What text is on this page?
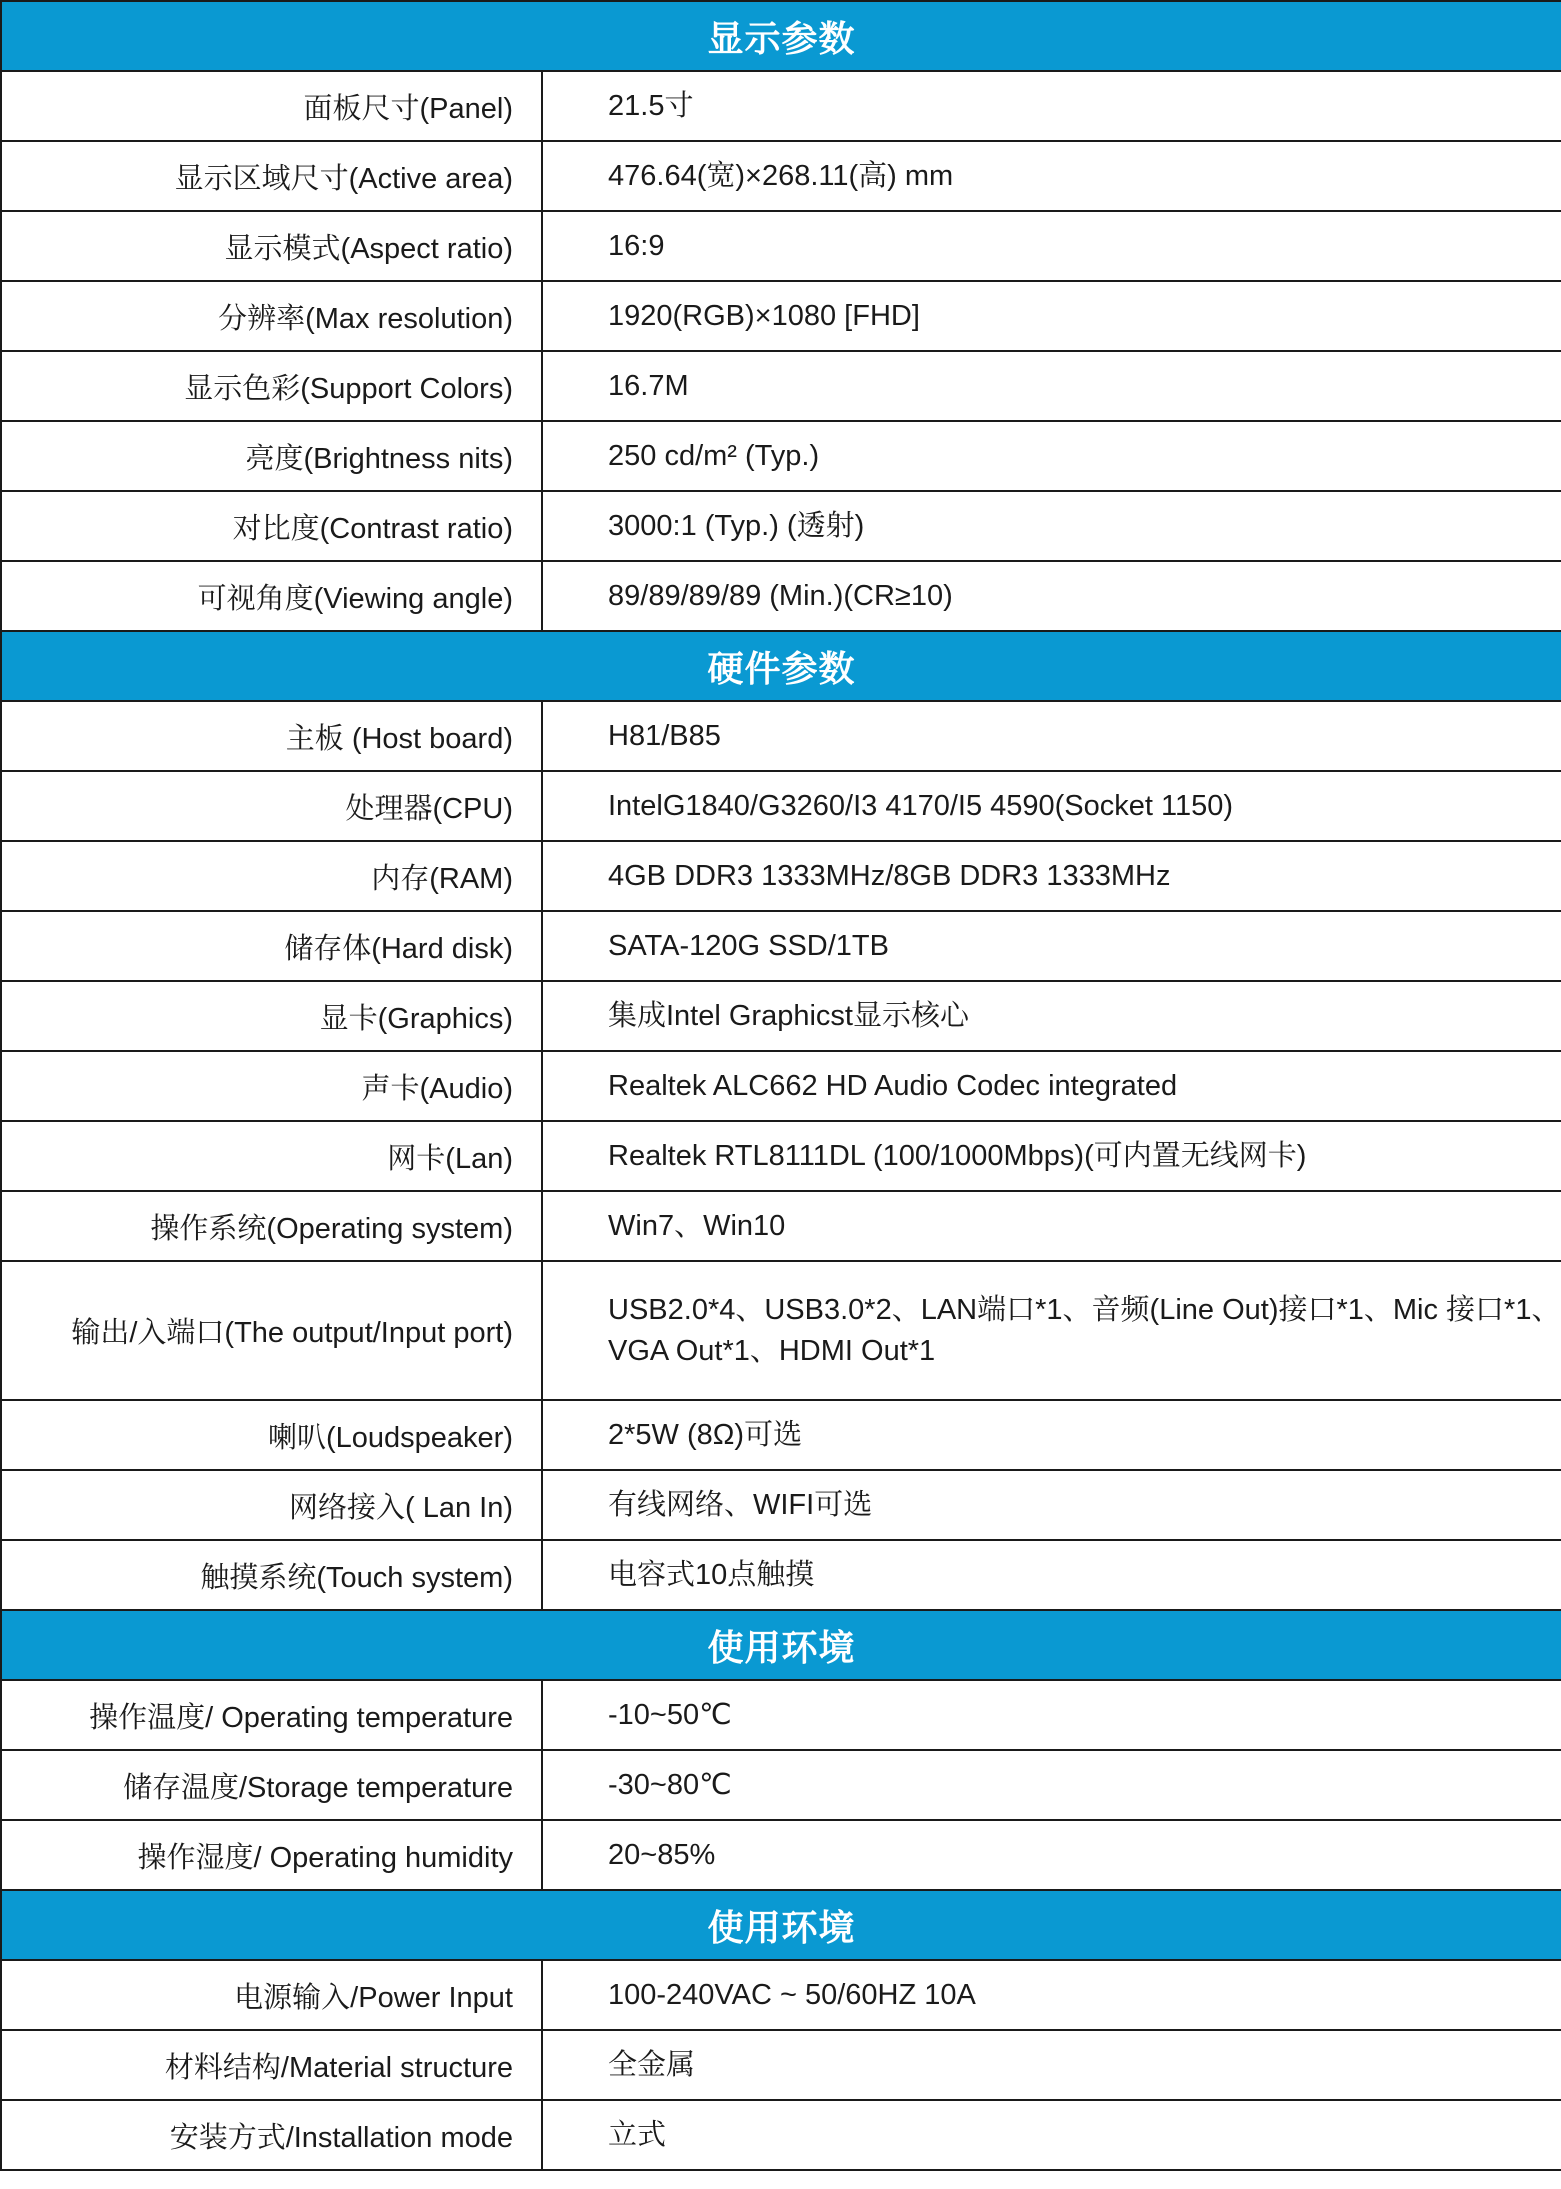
显示参数	
面板尺寸(Panel)	21.5寸
显示区域尺寸(Active area)	476.64(宽)×268.11(高) mm
显示模式(Aspect ratio)	16:9
分辨率(Max resolution)	1920(RGB)×1080 [FHD]
显示色彩(Support Colors)	16.7M
亮度(Brightness nits)	250 cd/m² (Typ.)
对比度(Contrast ratio)	3000:1 (Typ.) (透射)
可视角度(Viewing angle)	89/89/89/89 (Min.)(CR≥10)
硬件参数	
主板 (Host board)	H81/B85
处理器(CPU)	IntelG1840/G3260/I3 4170/I5 4590(Socket 1150)
内存(RAM)	4GB DDR3 1333MHz/8GB DDR3 1333MHz
储存体(Hard disk)	SATA-120G SSD/1TB
显卡(Graphics)	集成Intel Graphicst显示核心
声卡(Audio)	Realtek ALC662 HD Audio Codec integrated
网卡(Lan)	Realtek RTL8111DL (100/1000Mbps)(可内置无线网卡)
操作系统(Operating system)	Win7、Win10
输出/入端口(The output/Input port)	USB2.0*4、USB3.0*2、LAN端口*1、音频(Line Out)接口*1、Mic 接口*1、
VGA Out*1、HDMI Out*1
喇叭(Loudspeaker)	2*5W (8Ω)可选
网络接入( Lan In)	有线网络、WIFI可选
触摸系统(Touch system)	电容式10点触摸
使用环境	
操作温度/ Operating temperature	-10~50℃
储存温度/Storage temperature	-30~80℃
操作湿度/ Operating humidity	20~85%
使用环境	
电源输入/Power Input	100-240VAC ~ 50/60HZ 10A
材料结构/Material structure	全金属
安装方式/Installation mode	立式
